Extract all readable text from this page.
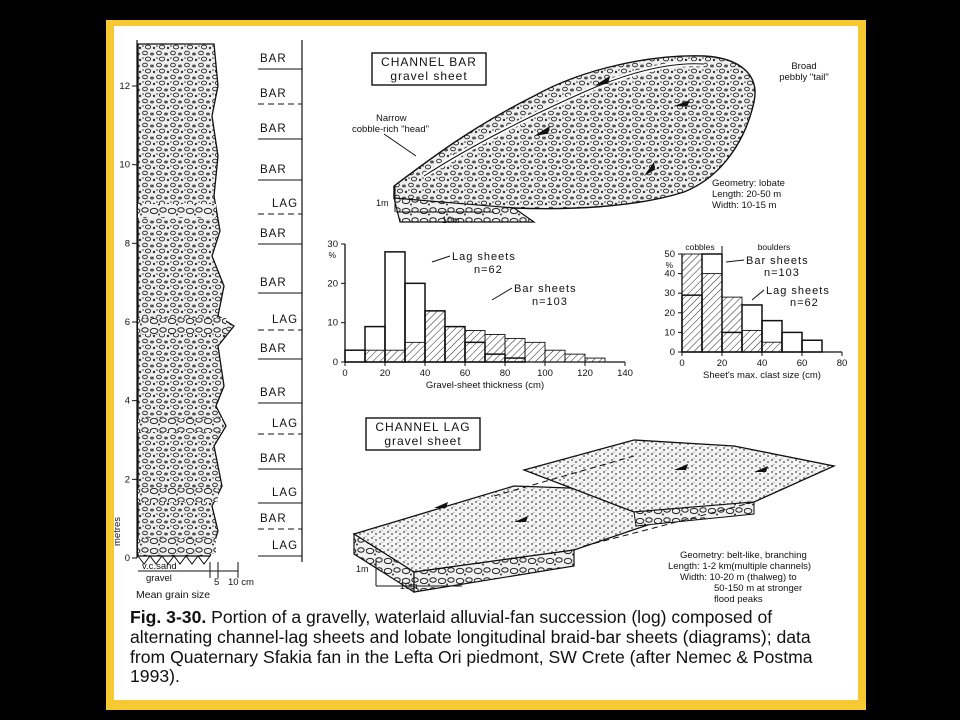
12
10
8
6
4
2
0
metres
BAR
BAR
BAR
BAR
LAG
BAR
BAR
LAG
BAR
BAR
LAG
BAR
LAG
BAR
LAG
v.c.sand
gravel	5 10 cm
Mean grain size
CHANNEL BAR
gravel sheet
Narrow
cobble-rich "head"
Broad
pebbly "tail"
1m
10m
Geometry: lobate
Length: 20-50 m
Width: 10-15 m
0	20	40	60	80	100	120	140
0
10
20
30
%
Gravel-sheet thickness (cm)
Lag sheets
n=62
Bar sheets
n=103
0	20	40	60	80
0
10
20
30
40
50
%
Sheet's max. clast size (cm)
cobbles	boulders
Bar sheets
n=103
Lag sheets
n=62
CHANNEL LAG
gravel sheet
1m
10m
Geometry: belt-like, branching
Length: 1-2 km(multiple channels)
Width: 10-20 m (thalweg) to
50-150 m at stronger
flood peaks
Fig. 3-30. Portion of a gravelly, waterlaid alluvial-fan succession (log) composed of alternating channel-lag sheets and lobate longitudinal braid-bar sheets (diagrams); data from Quaternary Sfakia fan in the Lefta Ori piedmont, SW Crete (after Nemec & Postma 1993).
